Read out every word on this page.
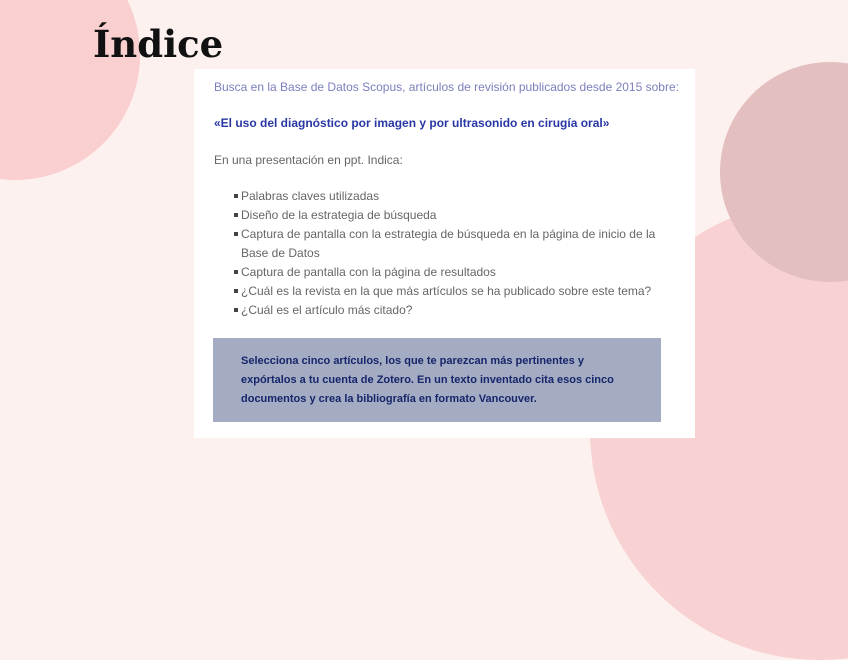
Índice

Busca en la Base de Datos Scopus, artículos de revisión publicados desde 2015 sobre:

«El uso del diagnóstico por imagen y por ultrasonido en cirugía oral»

En una presentación en ppt. Indica:

Palabras claves utilizadas
Diseño de la estrategia de búsqueda
Captura de pantalla con la estrategia de búsqueda en la página de inicio de la Base de Datos
Captura de pantalla con la página de resultados
¿Cuál es la revista en la que más artículos se ha publicado sobre este tema?
¿Cuál es el artículo más citado?

Selecciona cinco artículos, los que te parezcan más pertinentes y expórtalos a tu cuenta de Zotero. En un texto inventado cita esos cinco documentos y crea la bibliografía en formato Vancouver.
